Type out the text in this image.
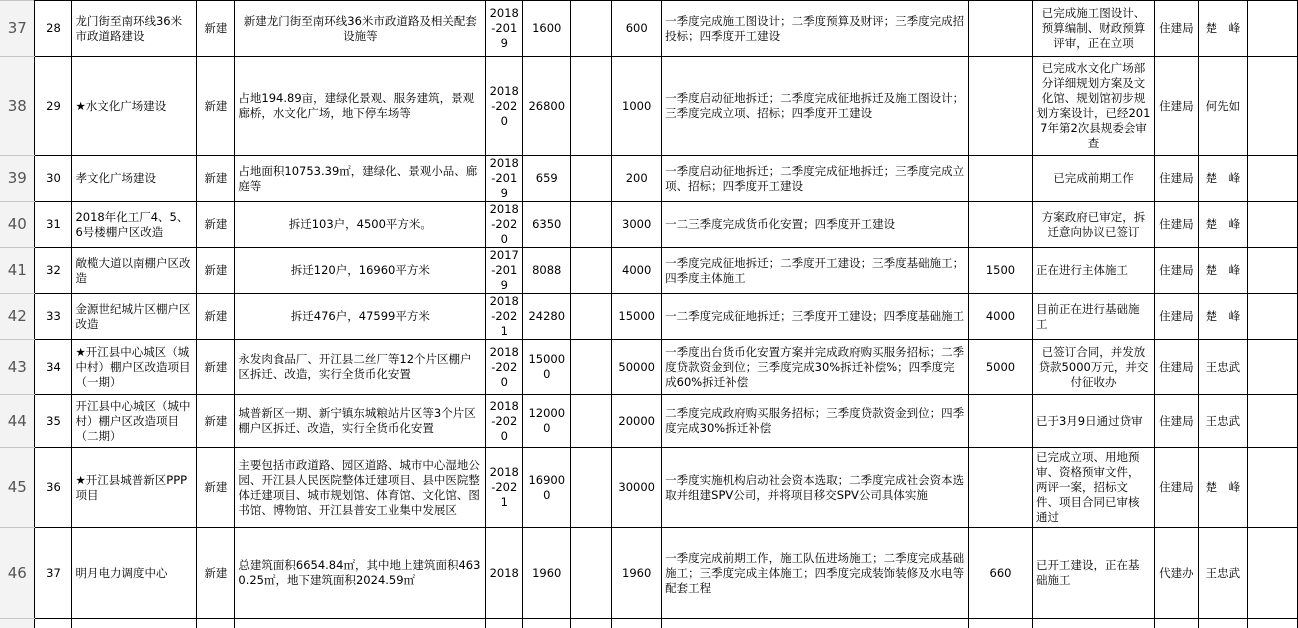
37	28	龙门街至南环线36米市政道路建设	新建	新建龙门街至南环线36米市政道路及相关配套设施等	2018-2019	1600		600	一季度完成施工图设计；二季度预算及财评；三季度完成招投标；四季度开工建设		已完成施工图设计、预算编制、财政预算评审，正在立项	住建局	楚　峰	
38	29	★水文化广场建设	新建	占地194.89亩，建绿化景观、服务建筑，景观廊桥，水文化广场，地下停车场等	2018-2020	26800		1000	一季度启动征地拆迁；二季度完成征地拆迁及施工图设计；三季度完成立项、招标；四季度开工建设		已完成水文化广场部分详细规划方案及文化馆、规划馆初步规划方案设计，已经2017年第2次县规委会审查	住建局	何先如	
39	30	孝文化广场建设	新建	占地面积10753.39㎡，建绿化、景观小品、廊庭等	2018-2019	659		200	一季度启动征地拆迁；二季度完成征地拆迁；三季度完成立项、招标；四季度开工建设		已完成前期工作	住建局	楚　峰	
40	31	2018年化工厂4、5、6号楼棚户区改造	新建	拆迁103户，4500平方米。	2018-2020	6350		3000	一二三季度完成货币化安置；四季度开工建设		方案政府已审定，拆迁意向协议已签订	住建局	楚　峰	
41	32	敞榄大道以南棚户区改造	新建	拆迁120户，16960平方米	2017-2019	8088		4000	一季度完成征地拆迁；二季度开工建设；三季度基础施工；四季度主体施工	1500	正在进行主体施工	住建局	楚　峰	
42	33	金源世纪城片区棚户区改造	新建	拆迁476户，47599平方米	2018-2021	24280		15000	一二季度完成征地拆迁；三季度开工建设；四季度基础施工	4000	目前正在进行基础施工	住建局	楚　峰	
43	34	★开江县中心城区（城中村）棚户区改造项目（一期）	新建	永发肉食品厂、开江县二丝厂等12个片区棚户区拆迁、改造，实行全货币化安置	2018-2020	150000		50000	一季度出台货币化安置方案并完成政府购买服务招标；二季度贷款资金到位；三季度完成30%拆迁补偿%；四季度完成60%拆迁补偿	5000	已签订合同，并发放贷款5000万元，并交付征收办	住建局	王忠武	
44	35	开江县中心城区（城中村）棚户区改造项目（二期）	新建	城普新区一期、新宁镇东城粮站片区等3个片区棚户区拆迁、改造，实行全货币化安置	2018-2020	120000		20000	二季度完成政府购买服务招标；三季度贷款资金到位；四季度完成30%拆迁补偿		已于3月9日通过贷审	住建局	王忠武	
45	36	★开江县城普新区PPP项目	新建	主要包括市政道路、园区道路、城市中心湿地公园、开江县人民医院整体迁建项目、县中医院整体迁建项目、城市规划馆、体育馆、文化馆、图书馆、博物馆、开江县普安工业集中发展区	2018-2021	169000		30000	一季度实施机构启动社会资本选取；二季度完成社会资本选取并组建SPV公司，并将项目移交SPV公司具体实施		已完成立项、用地预审、资格预审文件，两评一案，招标文件、项目合同已审核通过	住建局	楚　峰	
46	37	明月电力调度中心	新建	总建筑面积6654.84㎡，其中地上建筑面积4630.25㎡，地下建筑面积2024.59㎡	2018	1960		1960	一季度完成前期工作，施工队伍进场施工；二季度完成基础施工；三季度完成主体施工；四季度完成装饰装修及水电等配套工程	660	已开工建设，正在基础施工	代建办	王忠武	
